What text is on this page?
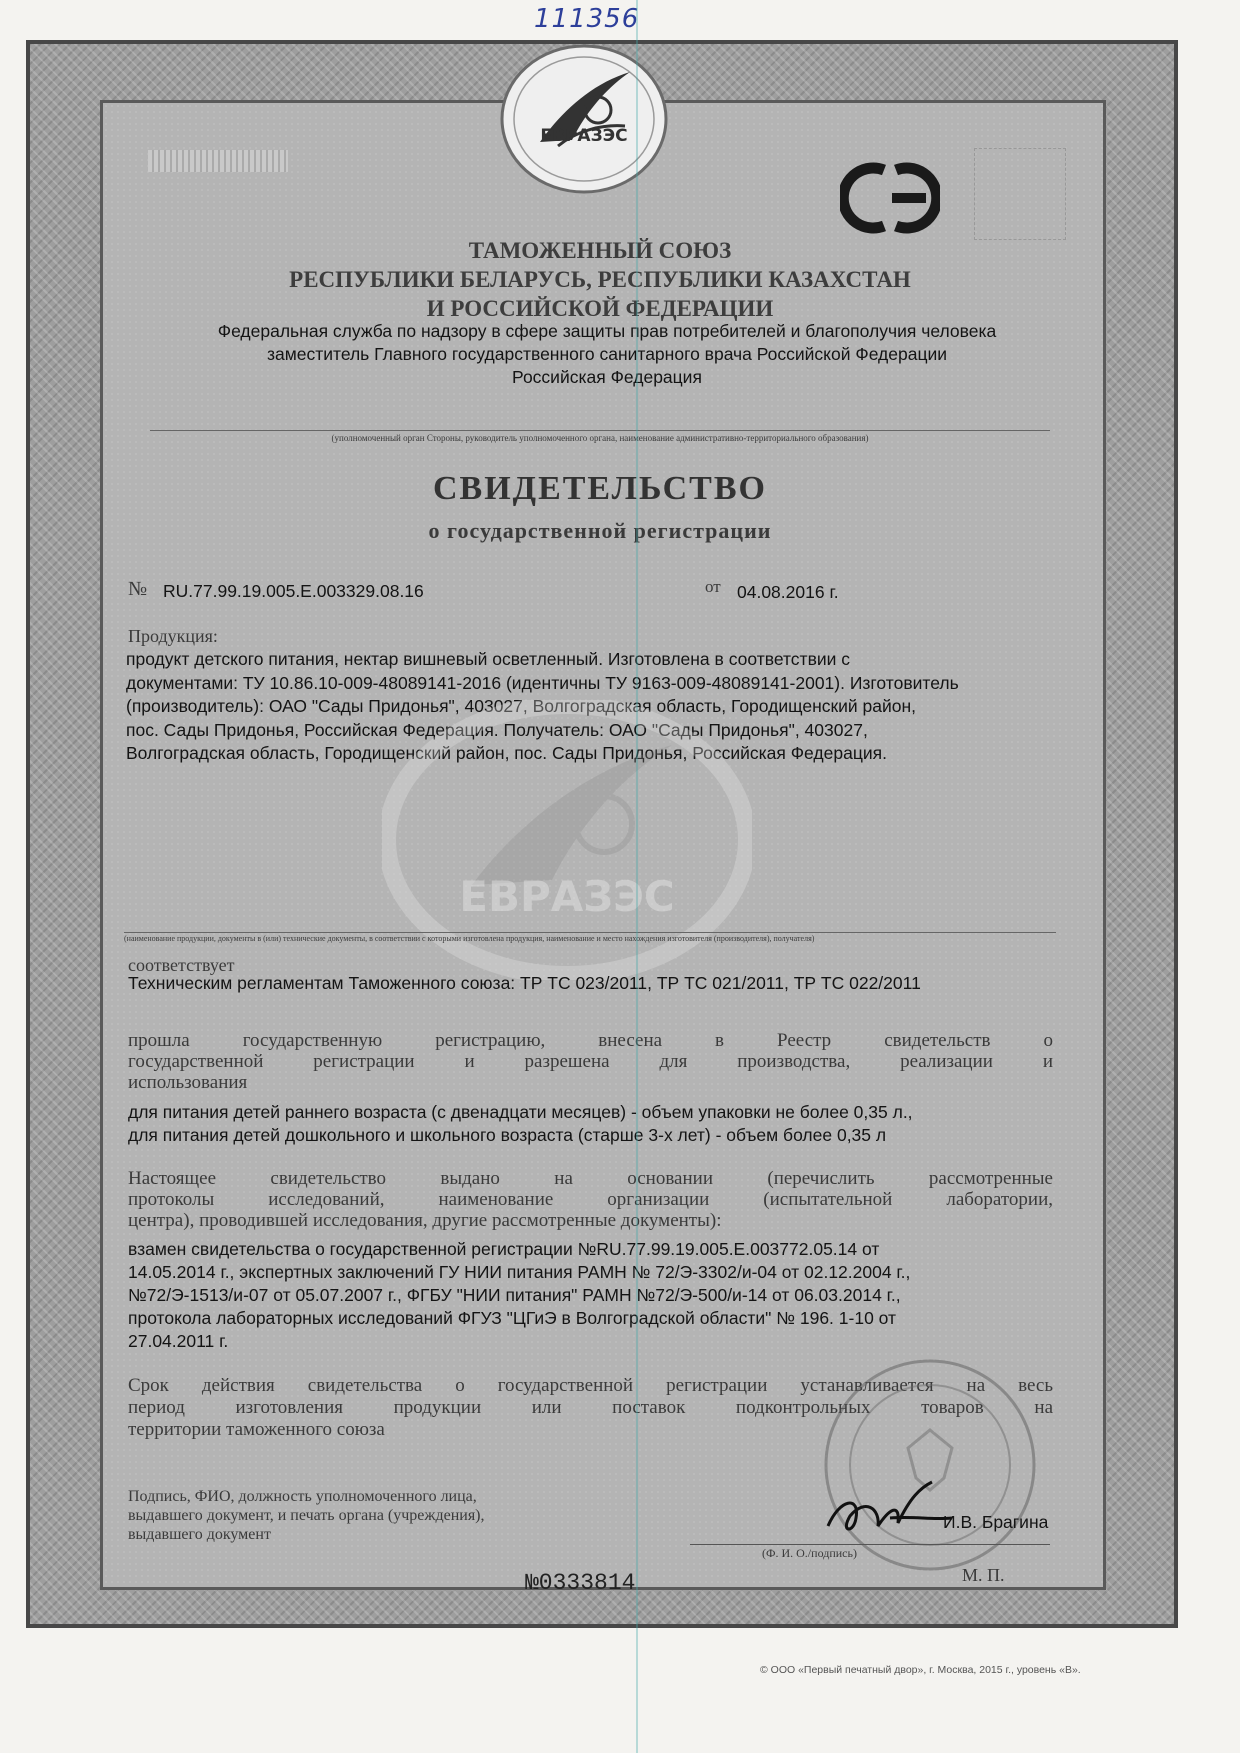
111356
ЕВРАЗЭС
ТАМОЖЕННЫЙ СОЮЗ
РЕСПУБЛИКИ БЕЛАРУСЬ, РЕСПУБЛИКИ КАЗАХСТАН
И РОССИЙСКОЙ ФЕДЕРАЦИИ
Федеральная служба по надзору в сфере защиты прав потребителей и благополучия человека
заместитель Главного государственного санитарного врача Российской Федерации
Российская Федерация
(уполномоченный орган Стороны, руководитель уполномоченного органа, наименование административно-территориального образования)
СВИДЕТЕЛЬСТВО
о государственной регистрации
№ RU.77.99.19.005.Е.003329.08.16	от 04.08.2016 г.
Продукция:
продукт детского питания, нектар вишневый осветленный. Изготовлена в соответствии с
документами: ТУ 10.86.10-009-48089141-2016 (идентичны ТУ 9163-009-48089141-2001). Изготовитель
(производитель): ОАО "Сады Придонья", 403027, Волгоградская область, Городищенский район,
пос. Сады Придонья, Российская Федерация. Получатель: ОАО "Сады Придонья", 403027,
Волгоградская область, Городищенский район, пос. Сады Придонья, Российская Федерация.
ЕВРАЗЭС
(наименование продукции, документы в (или) технические документы, в соответствии с которыми изготовлена продукция, наименование и место нахождения изготовителя (производителя), получателя)
соответствует
Техническим регламентам Таможенного союза: ТР ТС 023/2011, ТР ТС 021/2011, ТР ТС 022/2011
прошла государственную регистрацию, внесена в Реестр свидетельств о
государственной регистрации и разрешена для производства, реализации и
использования
для питания детей раннего возраста (с двенадцати месяцев) - объем упаковки не более 0,35 л.,
для питания детей дошкольного и школьного возраста (старше 3-х лет) - объем более 0,35 л
Настоящее свидетельство выдано на основании (перечислить рассмотренные
протоколы исследований, наименование организации (испытательной лаборатории,
центра), проводившей исследования, другие рассмотренные документы):
взамен свидетельства о государственной регистрации №RU.77.99.19.005.Е.003772.05.14 от
14.05.2014 г., экспертных заключений ГУ НИИ питания РАМН № 72/Э-3302/и-04 от 02.12.2004 г.,
№72/Э-1513/и-07 от 05.07.2007 г., ФГБУ "НИИ питания" РАМН №72/Э-500/и-14 от 06.03.2014 г.,
протокола лабораторных исследований ФГУЗ "ЦГиЭ в Волгоградской области" № 196. 1-10 от
27.04.2011 г.
Срок действия свидетельства о государственной регистрации устанавливается на весь
период изготовления продукции или поставок подконтрольных товаров на
территории таможенного союза
Подпись, ФИО, должность уполномоченного лица,
выдавшего документ, и печать органа (учреждения),
выдавшего документ
И.В. Брагина
(Ф. И. О./подпись)
М. П.
№0333814
© ООО «Первый печатный двор», г. Москва, 2015 г., уровень «В».
